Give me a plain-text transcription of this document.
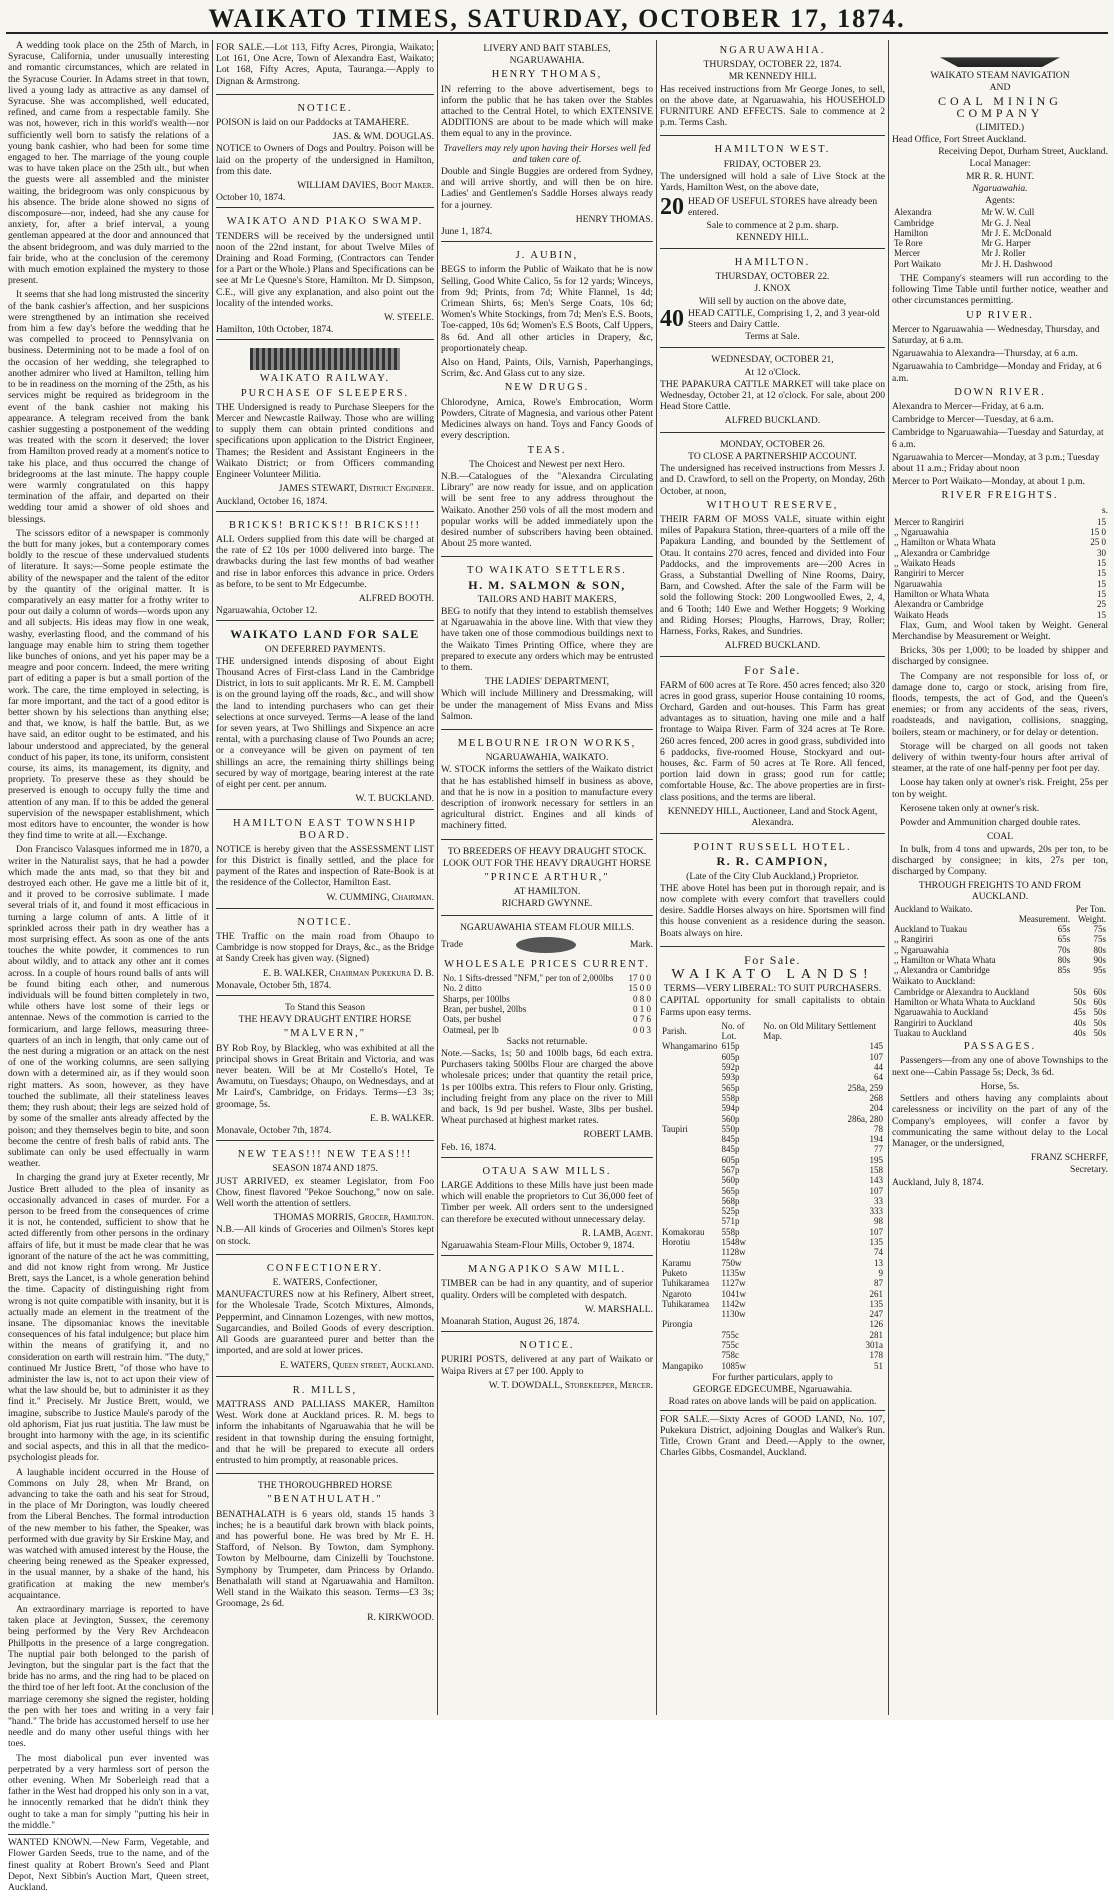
WAIKATO TIMES, SATURDAY, OCTOBER 17, 1874.

A wedding took place on the 25th of March, in Syracuse, California, under unusually interesting and romantic circumstances, which are related in the Syracuse Courier. In Adams street in that town, lived a young lady as attractive as any damsel of Syracuse. She was accomplished, well educated, refined, and came from a respectable family. She was not, however, rich in this world's wealth—nor sufficiently well born to satisfy the relations of a young bank cashier, who had been for some time engaged to her. The marriage of the young couple was to have taken place on the 25th ult., but when the guests were all assembled and the minister waiting, the bridegroom was only conspicuous by his absence. The bride alone showed no signs of discomposure—nor, indeed, had she any cause for anxiety, for, after a brief interval, a young gentleman appeared at the door and announced that the absent bridegroom, and was duly married to the fair bride, who at the conclusion of the ceremony with much emotion explained the mystery to those present.

It seems that she had long mistrusted the sincerity of the bank cashier's affection, and her suspicions were strengthened by an intimation she received from him a few day's before the wedding that he was compelled to proceed to Pennsylvania on business. Determining not to be made a fool of on the occasion of her wedding, she telegraphed to another admirer who lived at Hamilton, telling him to be in readiness on the morning of the 25th, as his services might be required as bridegroom in the event of the bank cashier not making his appearance. A telegram received from the bank cashier suggesting a postponement of the wedding was treated with the scorn it deserved; the lover from Hamilton proved ready at a moment's notice to take his place, and thus occurred the change of bridegrooms at the last minute. The happy couple were warmly congratulated on this happy termination of the affair, and departed on their wedding tour amid a shower of old shoes and blessings.

The scissors editor of a newspaper is commonly the butt for many jokes, but a contemporary comes boldly to the rescue of these undervalued students of literature. It says:—Some people estimate the ability of the newspaper and the talent of the editor by the quantity of the original matter. It is comparatively an easy matter for a frothy writer to pour out daily a column of words—words upon any and all subjects. His ideas may flow in one weak, washy, everlasting flood, and the command of his language may enable him to string them together like bunches of onions, and yet his paper may be a meagre and poor concern. Indeed, the mere writing part of editing a paper is but a small portion of the work. The care, the time employed in selecting, is far more important, and the tact of a good editor is better shown by his selections than anything else; and that, we know, is half the battle. But, as we have said, an editor ought to be estimated, and his labour understood and appreciated, by the general conduct of his paper, its tone, its uniform, consistent course, its aims, its management, its dignity, and propriety. To preserve these as they should be preserved is enough to occupy fully the time and attention of any man. If to this be added the general supervision of the newspaper establishment, which most editors have to encounter, the wonder is how they find time to write at all.—Exchange.

Don Francisco Valasques informed me in 1870, a writer in the Naturalist says, that he had a powder which made the ants mad, so that they bit and destroyed each other. He gave me a little bit of it, and it proved to be corrosive sublimate. I made several trials of it, and found it most efficacious in turning a large column of ants. A little of it sprinkled across their path in dry weather has a most surprising effect. As soon as one of the ants touches the white powder, it commences to run about wildly, and to attack any other ant it comes across. In a couple of hours round balls of ants will be found biting each other, and numerous individuals will be found bitten completely in two, while others have lost some of their legs or antennae. News of the commotion is carried to the formicarium, and large fellows, measuring three-quarters of an inch in length, that only came out of the nest during a migration or an attack on the nest of one of the working columns, are seen sallying down with a determined air, as if they would soon right matters. As soon, however, as they have touched the sublimate, all their stateliness leaves them; they rush about; their legs are seized hold of by some of the smaller ants already affected by the poison; and they themselves begin to bite, and soon become the centre of fresh balls of rabid ants. The sublimate can only be used effectually in warm weather.

In charging the grand jury at Exeter recently, Mr Justice Brett alluded to the plea of insanity as occasionally advanced in cases of murder. For a person to be freed from the consequences of crime it is not, he contended, sufficient to show that he acted differently from other persons in the ordinary affairs of life, but it must be made clear that he was ignorant of the nature of the act he was committing, and did not know right from wrong. Mr Justice Brett, says the Lancet, is a whole generation behind the time. Capacity of distinguishing right from wrong is not quite compatible with insanity, but it is actually made an element in the treatment of the insane. The dipsomaniac knows the inevitable consequences of his fatal indulgence; but place him within the means of gratifying it, and no consideration on earth will restrain him. "The duty," continued Mr Justice Brett, "of those who have to administer the law is, not to act upon their view of what the law should be, but to administer it as they find it." Precisely. Mr Justice Brett, would, we imagine, subscribe to Justice Maule's parody of the old aphorism, Fiat jus ruat justitia. The law must be brought into harmony with the age, in its scientific and social aspects, and this in all that the medico-psychologist pleads for.

A laughable incident occurred in the House of Commons on July 28, when Mr Brand, on advancing to take the oath and his seat for Stroud, in the place of Mr Dorington, was loudly cheered from the Liberal Benches. The formal introduction of the new member to his father, the Speaker, was performed with due gravity by Sir Erskine May, and was watched with amused interest by the House, the cheering being renewed as the Speaker expressed, in the usual manner, by a shake of the hand, his gratification at making the new member's acquaintance.

An extraordinary marriage is reported to have taken place at Jevington, Sussex, the ceremony being performed by the Very Rev Archdeacon Phillpotts in the presence of a large congregation. The nuptial pair both belonged to the parish of Jevington, but the singular part is the fact that the bride has no arms, and the ring had to be placed on the third toe of her left foot. At the conclusion of the marriage ceremony she signed the register, holding the pen with her toes and writing in a very fair "hand." The bride has accustomed herself to use her needle and do many other useful things with her toes.

The most diabolical pun ever invented was perpetrated by a very harmless sort of person the other evening. When Mr Soberleigh read that a father in the West had dropped his only son in a vat, he innocently remarked that he didn't think they ought to take a man for simply "putting his heir in the middle."

WANTED KNOWN.—New Farm, Vegetable, and Flower Garden Seeds, true to the name, and of the finest quality at Robert Brown's Seed and Plant Depot, Next Sibbin's Auction Mart, Queen street, Auckland.

FOR SALE.—Lot 113, Fifty Acres, Pirongia, Waikato; Lot 161, One Acre, Town of Alexandra East, Waikato; Lot 168, Fifty Acres, Aputa, Tauranga.—Apply to Dignan & Armstrong.

NOTICE.

POISON is laid on our Paddocks at TAMAHERE.

JAS. & WM. DOUGLAS.

NOTICE to Owners of Dogs and Poultry. Poison will be laid on the property of the undersigned in Hamilton, from this date.

WILLIAM DAVIES, Boot Maker.
October 10, 1874.
WAIKATO AND PIAKO SWAMP.

TENDERS will be received by the undersigned until noon of the 22nd instant, for about Twelve Miles of Draining and Road Forming, (Contractors can Tender for a Part or the Whole.) Plans and Specifications can be see at Mr Le Quesne's Store, Hamilton. Mr D. Simpson, C.E., will give any explanation, and also point out the locality of the intended works.

W. STEELE.
Hamilton, 10th October, 1874.
WAIKATO RAILWAY.
PURCHASE OF SLEEPERS.

THE Undersigned is ready to Purchase Sleepers for the Mercer and Newcastle Railway. Those who are willing to supply them can obtain printed conditions and specifications upon application to the District Engineer, Thames; the Resident and Assistant Engineers in the Waikato District; or from Officers commanding Engineer Volunteer Militia.

JAMES STEWART, District Engineer.
Auckland, October 16, 1874.
BRICKS! BRICKS!! BRICKS!!!

ALL Orders supplied from this date will be charged at the rate of £2 10s per 1000 delivered into barge. The drawbacks during the last few months of bad weather and rise in labor enforces this advance in price. Orders as before, to be sent to Mr Edgecumbe.

ALFRED BOOTH.
Ngaruawahia, October 12.
WAIKATO LAND FOR SALE
ON DEFERRED PAYMENTS.

THE undersigned intends disposing of about Eight Thousand Acres of First-class Land in the Cambridge District, in lots to suit applicants. Mr R. E. M. Campbell is on the ground laying off the roads, &c., and will show the land to intending purchasers who can get their selections at once surveyed. Terms—A lease of the land for seven years, at Two Shillings and Sixpence an acre rental, with a purchasing clause of Two Pounds an acre; or a conveyance will be given on payment of ten shillings an acre, the remaining thirty shillings being secured by way of mortgage, bearing interest at the rate of eight per cent. per annum.

W. T. BUCKLAND.
HAMILTON EAST TOWNSHIP BOARD.

NOTICE is hereby given that the ASSESSMENT LIST for this District is finally settled, and the place for payment of the Rates and inspection of Rate-Book is at the residence of the Collector, Hamilton East.

W. CUMMING, Chairman.
NOTICE.

THE Traffic on the main road from Ohaupo to Cambridge is now stopped for Drays, &c., as the Bridge at Sandy Creek has given way. (Signed)

E. B. WALKER, Chairman Pukekura D. B.
Monavale, October 5th, 1874.
To Stand this Season
THE HEAVY DRAUGHT ENTIRE HORSE
"MALVERN,"

BY Rob Roy, by Blackleg, who was exhibited at all the principal shows in Great Britain and Victoria, and was never beaten. Will be at Mr Costello's Hotel, Te Awamutu, on Tuesdays; Ohaupo, on Wednesdays, and at Mr Laird's, Cambridge, on Fridays. Terms—£3 3s; groomage, 5s.

E. B. WALKER.
Monavale, October 7th, 1874.
NEW TEAS!!! NEW TEAS!!!
SEASON 1874 AND 1875.

JUST ARRIVED, ex steamer Legislator, from Foo Chow, finest flavored "Pekoe Souchong," now on sale. Well worth the attention of settlers.

THOMAS MORRIS, Grocer, Hamilton.

N.B.—All kinds of Groceries and Oilmen's Stores kept on stock.

CONFECTIONERY.
E. WATERS, Confectioner,

MANUFACTURES now at his Refinery, Albert street, for the Wholesale Trade, Scotch Mixtures, Almonds, Peppermint, and Cinnamon Lozenges, with new mottos, Sugarcandies, and Boiled Goods of every description. All Goods are guaranteed purer and better than the imported, and are sold at lower prices.

E. WATERS, Queen street, Auckland.
R. MILLS,

MATTRASS AND PALLIASS MAKER, Hamilton West. Work done at Auckland prices. R. M. begs to inform the inhabitants of Ngaruawahia that he will be resident in that township during the ensuing fortnight, and that he will be prepared to execute all orders entrusted to him promptly, at reasonable prices.

THE THOROUGHBRED HORSE
"BENATHULATH."

BENATHALATH is 6 years old, stands 15 hands 3 inches; he is a beautiful dark brown with black points, and has powerful bone. He was bred by Mr E. H. Stafford, of Nelson. By Towton, dam Symphony. Towton by Melbourne, dam Cinizelli by Touchstone. Symphony by Trumpeter, dam Princess by Orlando. Benathalath will stand at Ngaruawahia and Hamilton. Well stand in the Waikato this season. Terms—£3 3s; Groomage, 2s 6d.

R. KIRKWOOD.
LIVERY AND BAIT STABLES,
NGARUAWAHIA.
HENRY THOMAS,

IN referring to the above advertisement, begs to inform the public that he has taken over the Stables attached to the Central Hotel, to which EXTENSIVE ADDITIONS are about to be made which will make them equal to any in the province.

Travellers may rely upon having their Horses well fed and taken care of.

Double and Single Buggies are ordered from Sydney, and will arrive shortly, and will then be on hire. Ladies' and Gentlemen's Saddle Horses always ready for a journey.

HENRY THOMAS.
June 1, 1874.
J. AUBIN,

BEGS to inform the Public of Waikato that he is now Selling, Good White Calico, 5s for 12 yards; Winceys, from 9d; Prints, from 7d; White Flannel, 1s 4d; Crimean Shirts, 6s; Men's Serge Coats, 10s 6d; Women's White Stockings, from 7d; Men's E.S. Boots, Toe-capped, 10s 6d; Women's E.S Boots, Calf Uppers, 8s 6d. And all other articles in Drapery, &c, proportionately cheap.

Also on Hand, Paints, Oils, Varnish, Paperhangings, Scrim, &c. And Glass cut to any size.

NEW DRUGS.

Chlorodyne, Arnica, Rowe's Embrocation, Worm Powders, Citrate of Magnesia, and various other Patent Medicines always on hand. Toys and Fancy Goods of every description.

TEAS.
The Choicest and Newest per next Hero.

N.B.—Catalogues of the "Alexandra Circulating Library" are now ready for issue, and on application will be sent free to any address throughout the Waikato. Another 250 vols of all the most modern and popular works will be added immediately upon the desired number of subscribers having been obtained. About 25 more wanted.

TO WAIKATO SETTLERS.
H. M. SALMON & SON,
TAILORS AND HABIT MAKERS,

BEG to notify that they intend to establish themselves at Ngaruawahia in the above line. With that view they have taken one of those commodious buildings next to the Waikato Times Printing Office, where they are prepared to execute any orders which may be entrusted to them.

THE LADIES' DEPARTMENT,

Which will include Millinery and Dressmaking, will be under the management of Miss Evans and Miss Salmon.

MELBOURNE IRON WORKS,
NGARUAWAHIA, WAIKATO.

W. STOCK informs the settlers of the Waikato district that he has established himself in business as above, and that he is now in a position to manufacture every description of ironwork necessary for settlers in an agricultural district. Engines and all kinds of machinery fitted.

TO BREEDERS OF HEAVY DRAUGHT STOCK.
LOOK OUT FOR THE HEAVY DRAUGHT HORSE
"PRINCE ARTHUR,"
AT HAMILTON.
RICHARD GWYNNE.
NGARUAWAHIA STEAM FLOUR MILLS.
Trade	Mark.
WHOLESALE PRICES CURRENT.
No. 1 Sifts-dressed "NFM," per ton of 2,000lbs	17 0 0
No. 2 ditto	15 0 0
Sharps, per 100lbs	0 8 0
Bran, per bushel, 20lbs	0 1 0
Oats, per bushel	0 7 6
Oatmeal, per lb	0 0 3
Sacks not returnable.

Note.—Sacks, 1s; 50 and 100lb bags, 6d each extra. Purchasers taking 500lbs Flour are charged the above wholesale prices; under that quantity the retail price, 1s per 100lbs extra. This refers to Flour only. Gristing, including freight from any place on the river to Mill and back, 1s 9d per bushel. Waste, 3lbs per bushel. Wheat purchased at highest market rates.

ROBERT LAMB.
Feb. 16, 1874.
OTAUA SAW MILLS.

LARGE Additions to these Mills have just been made which will enable the proprietors to Cut 36,000 feet of Timber per week. All orders sent to the undersigned can therefore be executed without unnecessary delay.

R. LAMB, Agent.
Ngaruawahia Steam-Flour Mills, October 9, 1874.
MANGAPIKO SAW MILL.

TIMBER can be had in any quantity, and of superior quality. Orders will be completed with despatch.

W. MARSHALL.
Moanarah Station, August 26, 1874.
NOTICE.

PURIRI POSTS, delivered at any part of Waikato or Waipa Rivers at £7 per 100. Apply to

W. T. DOWDALL, Storekeeper, Mercer.
NGARUAWAHIA.
THURSDAY, OCTOBER 22, 1874.
MR KENNEDY HILL

Has received instructions from Mr George Jones, to sell, on the above date, at Ngaruawahia, his HOUSEHOLD FURNITURE AND EFFECTS. Sale to commence at 2 p.m. Terms Cash.

HAMILTON WEST.
FRIDAY, OCTOBER 23.

The undersigned will hold a sale of Live Stock at the Yards, Hamilton West, on the above date,

20 HEAD OF USEFUL STORES have already been entered.
Sale to commence at 2 p.m. sharp.
KENNEDY HILL.
HAMILTON.
THURSDAY, OCTOBER 22.
J. KNOX
Will sell by auction on the above date,
40 HEAD CATTLE, Comprising 1, 2, and 3 year-old Steers and Dairy Cattle.
Terms at Sale.
WEDNESDAY, OCTOBER 21,
At 12 o'Clock.

THE PAPAKURA CATTLE MARKET will take place on Wednesday, October 21, at 12 o'clock. For sale, about 200 Head Store Cattle.

ALFRED BUCKLAND.
MONDAY, OCTOBER 26.
TO CLOSE A PARTNERSHIP ACCOUNT.

The undersigned has received instructions from Messrs J. and D. Crawford, to sell on the Property, on Monday, 26th October, at noon,

WITHOUT RESERVE,

THEIR FARM OF MOSS VALE, situate within eight miles of Papakura Station, three-quarters of a mile off the Papakura Landing, and bounded by the Settlement of Otau. It contains 270 acres, fenced and divided into Four Paddocks, and the improvements are—200 Acres in Grass, a Substantial Dwelling of Nine Rooms, Dairy, Barn, and Cowshed. After the sale of the Farm will be sold the following Stock: 200 Longwoolled Ewes, 2, 4, and 6 Tooth; 140 Ewe and Wether Hoggets; 9 Working and Riding Horses; Ploughs, Harrows, Dray, Roller; Harness, Forks, Rakes, and Sundries.

ALFRED BUCKLAND.
For Sale.

FARM of 600 acres at Te Rore. 450 acres fenced; also 320 acres in good grass, superior House containing 10 rooms, Orchard, Garden and out-houses. This Farm has great advantages as to situation, having one mile and a half frontage to Waipa River. Farm of 324 acres at Te Rore. 260 acres fenced, 200 acres in good grass, subdivided into 6 paddocks, five-roomed House, Stockyard and out-houses, &c. Farm of 50 acres at Te Rore. All fenced, portion laid down in grass; good run for cattle; comfortable House, &c. The above properties are in first-class positions, and the terms are liberal.

KENNEDY HILL, Auctioneer, Land and Stock Agent, Alexandra.
POINT RUSSELL HOTEL.
R. R. CAMPION,
(Late of the City Club Auckland,) Proprietor.

THE above Hotel has been put in thorough repair, and is now complete with every comfort that travellers could desire. Saddle Horses always on hire. Sportsmen will find this house convenient as a residence during the season. Boats always on hire.

For Sale.
WAIKATO LANDS!
TERMS—VERY LIBERAL: TO SUIT PURCHASERS.

CAPITAL opportunity for small capitalists to obtain Farms upon easy terms.

Parish.	No. of Lot.	No. on Old Military Settlement Map.
Whangamarino	615p	145
	605p	107
	592p	44
	593p	64
	565p	258a, 259
	558p	268
	594p	204
	560p	286a, 280
Taupiri	550p	78
	845p	194
	845p	77
	605p	195
	567p	158
	560p	143
	565p	107
	568p	33
	525p	333
	571p	98
Komakorau	558p	107
Horotiu	1548w	135
	1128w	74
Karamu	750w	13
Puketo	1135w	9
Tuhikaramea	1127w	87
Ngaroto	1041w	261
Tuhikaramea	1142w	135
	1130w	247
Pirongia		126
	755c	281
	755c	301a
	758c	178
Mangapiko	1085w	51
For further particulars, apply to
GEORGE EDGECUMBE, Ngaruawahia.
Road rates on above lands will be paid on application.

FOR SALE.—Sixty Acres of GOOD LAND, No. 107, Pukekura District, adjoining Douglas and Walker's Run. Title, Crown Grant and Deed.—Apply to the owner, Charles Gibbs, Cosmandel, Auckland.

WAIKATO STEAM NAVIGATION
AND
COAL MINING COMPANY
(LIMITED.)
Head Office, Fort Street Auckland.
Receiving Depot, Durham Street, Auckland.
Local Manager:
MR R. R. HUNT.
Ngaruawahia.
Agents:
Alexandra	Mr W. W. Cull
Cambridge	Mr G. J. Neal
Hamilton	Mr J. E. McDonald
Te Rore	Mr G. Harper
Mercer	Mr J. Roller
Port Waikato	Mr J. H. Dashwood

THE Company's steamers will run according to the following Time Table until further notice, weather and other circumstances permitting.

UP RIVER.
Mercer to Ngaruawahia — Wednesday, Thursday, and Saturday, at 6 a.m.
Ngaruawahia to Alexandra—Thursday, at 6 a.m.
Ngaruawahia to Cambridge—Monday and Friday, at 6 a.m.
DOWN RIVER.
Alexandra to Mercer—Friday, at 6 a.m.
Cambridge to Mercer—Tuesday, at 6 a.m.
Cambridge to Ngaruawahia—Tuesday and Saturday, at 6 a.m.
Ngaruawahia to Mercer—Monday, at 3 p.m.; Tuesday about 11 a.m.; Friday about noon
Mercer to Port Waikato—Monday, at about 1 p.m.
RIVER FREIGHTS.
s.
Mercer to Rangiriri	15
,, Ngaruawahia	15 0
,, Hamilton or Whata Whata	25 0
,, Alexandra or Cambridge	30
,, Waikato Heads	15
Rangiriri to Mercer	15
Ngaruawahia	15
Hamilton or Whata Whata	15
Alexandra or Cambridge	25
Waikato Heads	15

Flax, Gum, and Wool taken by Weight. General Merchandise by Measurement or Weight.

Bricks, 30s per 1,000; to be loaded by shipper and discharged by consignee.

The Company are not responsible for loss of, or damage done to, cargo or stock, arising from fire, floods, tempests, the act of God, and the Queen's enemies; or from any accidents of the seas, rivers, roadsteads, and navigation, collisions, snagging, boilers, steam or machinery, or for delay or detention.

Storage will be charged on all goods not taken delivery of within twenty-four hours after arrival of steamer, at the rate of one half-penny per foot per day.

Loose hay taken only at owner's risk. Freight, 25s per ton by weight.

Kerosene taken only at owner's risk.

Powder and Ammunition charged double rates.

COAL

In bulk, from 4 tons and upwards, 20s per ton, to be discharged by consignee; in kits, 27s per ton, discharged by Company.

THROUGH FREIGHTS TO AND FROM AUCKLAND.
Auckland to Waikato.	Per Ton.	
	Measurement.	Weight.
Auckland to Tuakau	65s	75s
,, Rangiriri	65s	75s
,, Ngaruawahia	70s	80s
,, Hamilton or Whata Whata	80s	90s
,, Alexandra or Cambridge	85s	95s
Waikato to Auckland:
Cambridge or Alexandra to Auckland	50s	60s
Hamilton or Whata Whata to Auckland	50s	60s
Ngaruawahia to Auckland	45s	50s
Rangiriri to Auckland	40s	50s
Tuakau to Auckland	40s	50s
PASSAGES.

Passengers—from any one of above Townships to the next one—Cabin Passage 5s; Deck, 3s 6d.

Horse, 5s.

Settlers and others having any complaints about carelessness or incivility on the part of any of the Company's employees, will confer a favor by communicating the same without delay to the Local Manager, or the undersigned,

FRANZ SCHERFF,
Secretary.
Auckland, July 8, 1874.
